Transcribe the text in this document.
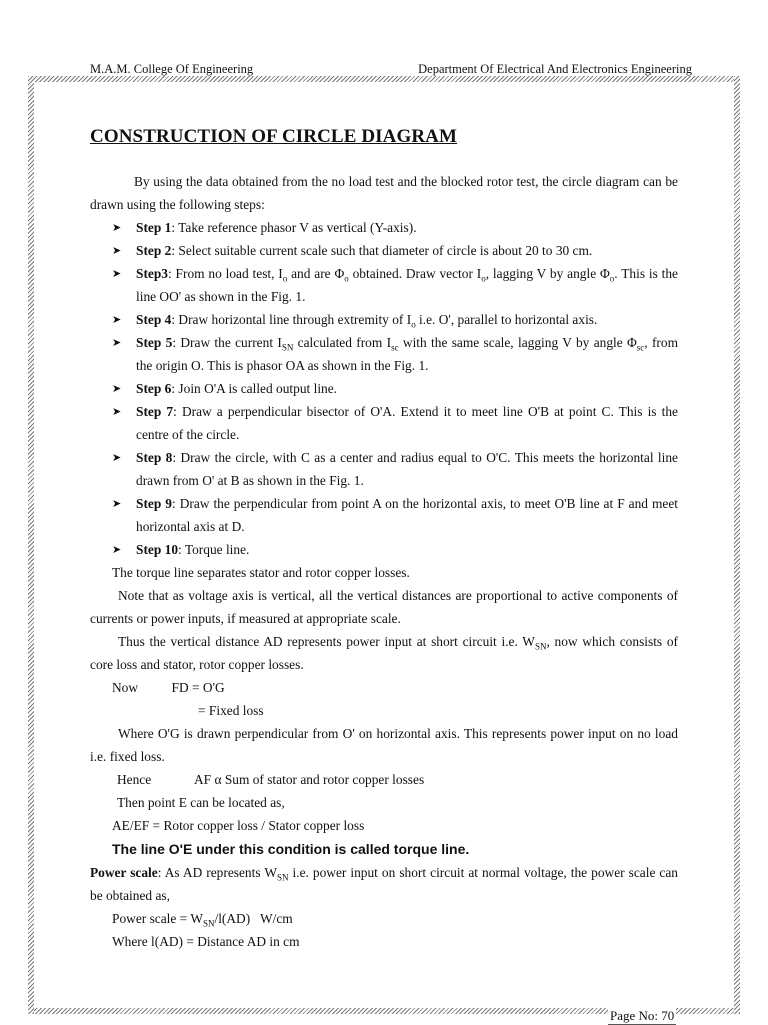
M.A.M. College Of Engineering	Department Of Electrical And Electronics Engineering

CONSTRUCTION OF CIRCLE DIAGRAM

By using the data obtained from the no load test and the blocked rotor test, the circle diagram can be drawn using the following steps:

➤ Step 1: Take reference phasor V as vertical (Y-axis).
➤ Step 2: Select suitable current scale such that diameter of circle is about 20 to 30 cm.
➤ Step3: From no load test, $I_o$ and are $\Phi_o$ obtained. Draw vector $I_o$, lagging V by angle $\Phi_o$. This is the line OO' as shown in the Fig. 1.
➤ Step 4: Draw horizontal line through extremity of $I_o$ i.e. O', parallel to horizontal axis.
➤ Step 5: Draw the current $I_{SN}$ calculated from $I_{sc}$ with the same scale, lagging V by angle $\Phi_{sc}$, from the origin O. This is phasor OA as shown in the Fig. 1.
➤ Step 6: Join O'A is called output line.
➤ Step 7: Draw a perpendicular bisector of O'A. Extend it to meet line O'B at point C. This is the centre of the circle.
➤ Step 8: Draw the circle, with C as a center and radius equal to O'C. This meets the horizontal line drawn from O' at B as shown in the Fig. 1.
➤ Step 9: Draw the perpendicular from point A on the horizontal axis, to meet O'B line at F and meet horizontal axis at D.
➤ Step 10: Torque line.

The torque line separates stator and rotor copper losses.

Note that as voltage axis is vertical, all the vertical distances are proportional to active components of currents or power inputs, if measured at appropriate scale.

Thus the vertical distance AD represents power input at short circuit i.e. $W_{SN}$, now which consists of core loss and stator, rotor copper losses.

Now FD = O'G
= Fixed loss

Where O'G is drawn perpendicular from O' on horizontal axis. This represents power input on no load i.e. fixed loss.

Hence	AF α Sum of stator and rotor copper losses
Then point E can be located as,
AE/EF = Rotor copper loss / Stator copper loss
The line O'E under this condition is called torque line.

Power scale: As AD represents $W_{SN}$ i.e. power input on short circuit at normal voltage, the power scale can be obtained as,

Power scale = $W_{SN}/l(AD)$   W/cm
Where l(AD) = Distance AD in cm
Page No: 70
